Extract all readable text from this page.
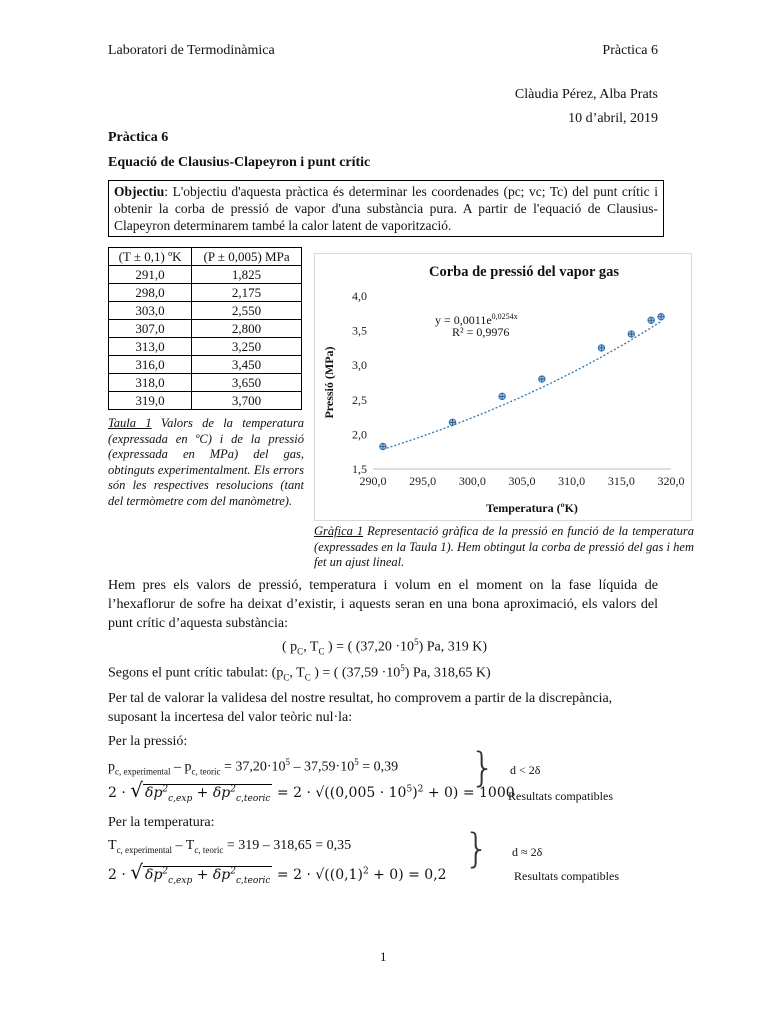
Laboratori de Termodinàmica	Pràctica 6
Clàudia Pérez, Alba Prats
10 d’abril, 2019
Pràctica 6
Equació de Clausius-Clapeyron i punt crític
Objectiu: L'objectiu d'aquesta pràctica és determinar les coordenades (pc; vc; Tc) del punt crític i obtenir la corba de pressió de vapor d'una substància pura. A partir de l'equació de Clausius-Clapeyron determinarem també la calor latent de vaporització.
(T ± 0,1) ºK	(P ± 0,005) MPa
291,0	1,825
298,0	2,175
303,0	2,550
307,0	2,800
313,0	3,250
316,0	3,450
318,0	3,650
319,0	3,700
Taula 1 Valors de la temperatura (expressada en ºC) i de la pressió (expressada en MPa) del gas, obtinguts experimentalment. Els errors són les respectives resolucions (tant del termòmetre com del manòmetre).
Corba de pressió del vapor gas
1,5
2,0
2,5
3,0
3,5
4,0
290,0 295,0 300,0 305,0 310,0 315,0 320,0
Temperatura (ºK)
Pressió (MPa)
$y = 0,0011e^{0,0254x}$
R² = 0,9976
Gràfica 1 Representació gràfica de la pressió en funció de la temperatura (expressades en la Taula 1). Hem obtingut la corba de pressió del gas i hem fet un ajust lineal.
Hem pres els valors de pressió, temperatura i volum en el moment on la fase líquida de l’hexaflorur de sofre ha deixat d’existir, i aquests seran en una bona aproximació, els valors del punt crític d’aquesta substància:
( $p_C$, $T_C$ ) = ( $(37,20 \cdot 10^5)$ Pa, 319 K)
Segons el punt crític tabulat: ($p_C$, $T_C$ ) = ( $(37,59 \cdot 10^5)$ Pa, 318,65 K)
Per tal de valorar la validesa del nostre resultat, ho comprovem a partir de la discrepància, suposant la incertesa del valor teòric nul·la:
Per la pressió:
$p_{c, experimental} - p_{c, teoric} = 37,20\cdot 10^5 - 37,59\cdot 10^5 = 0,39$
2 · √ $\delta p^2_{c,exp} + \delta p^2_{c,teoric} = 2 \cdot √((0,005 \cdot 10^5)^2 + 0) = 1000$
} d < 2δ
Resultats compatibles
Per la temperatura:
$T_{c, experimental} - T_{c, teoric} = 319 - 318,65 = 0,35$
2 · √ $\delta p^2_{c,exp} + \delta p^2_{c,teoric} = 2 \cdot √((0,1)^2 + 0) = 0,2$
} d ≈ 2δ
Resultats compatibles
1
